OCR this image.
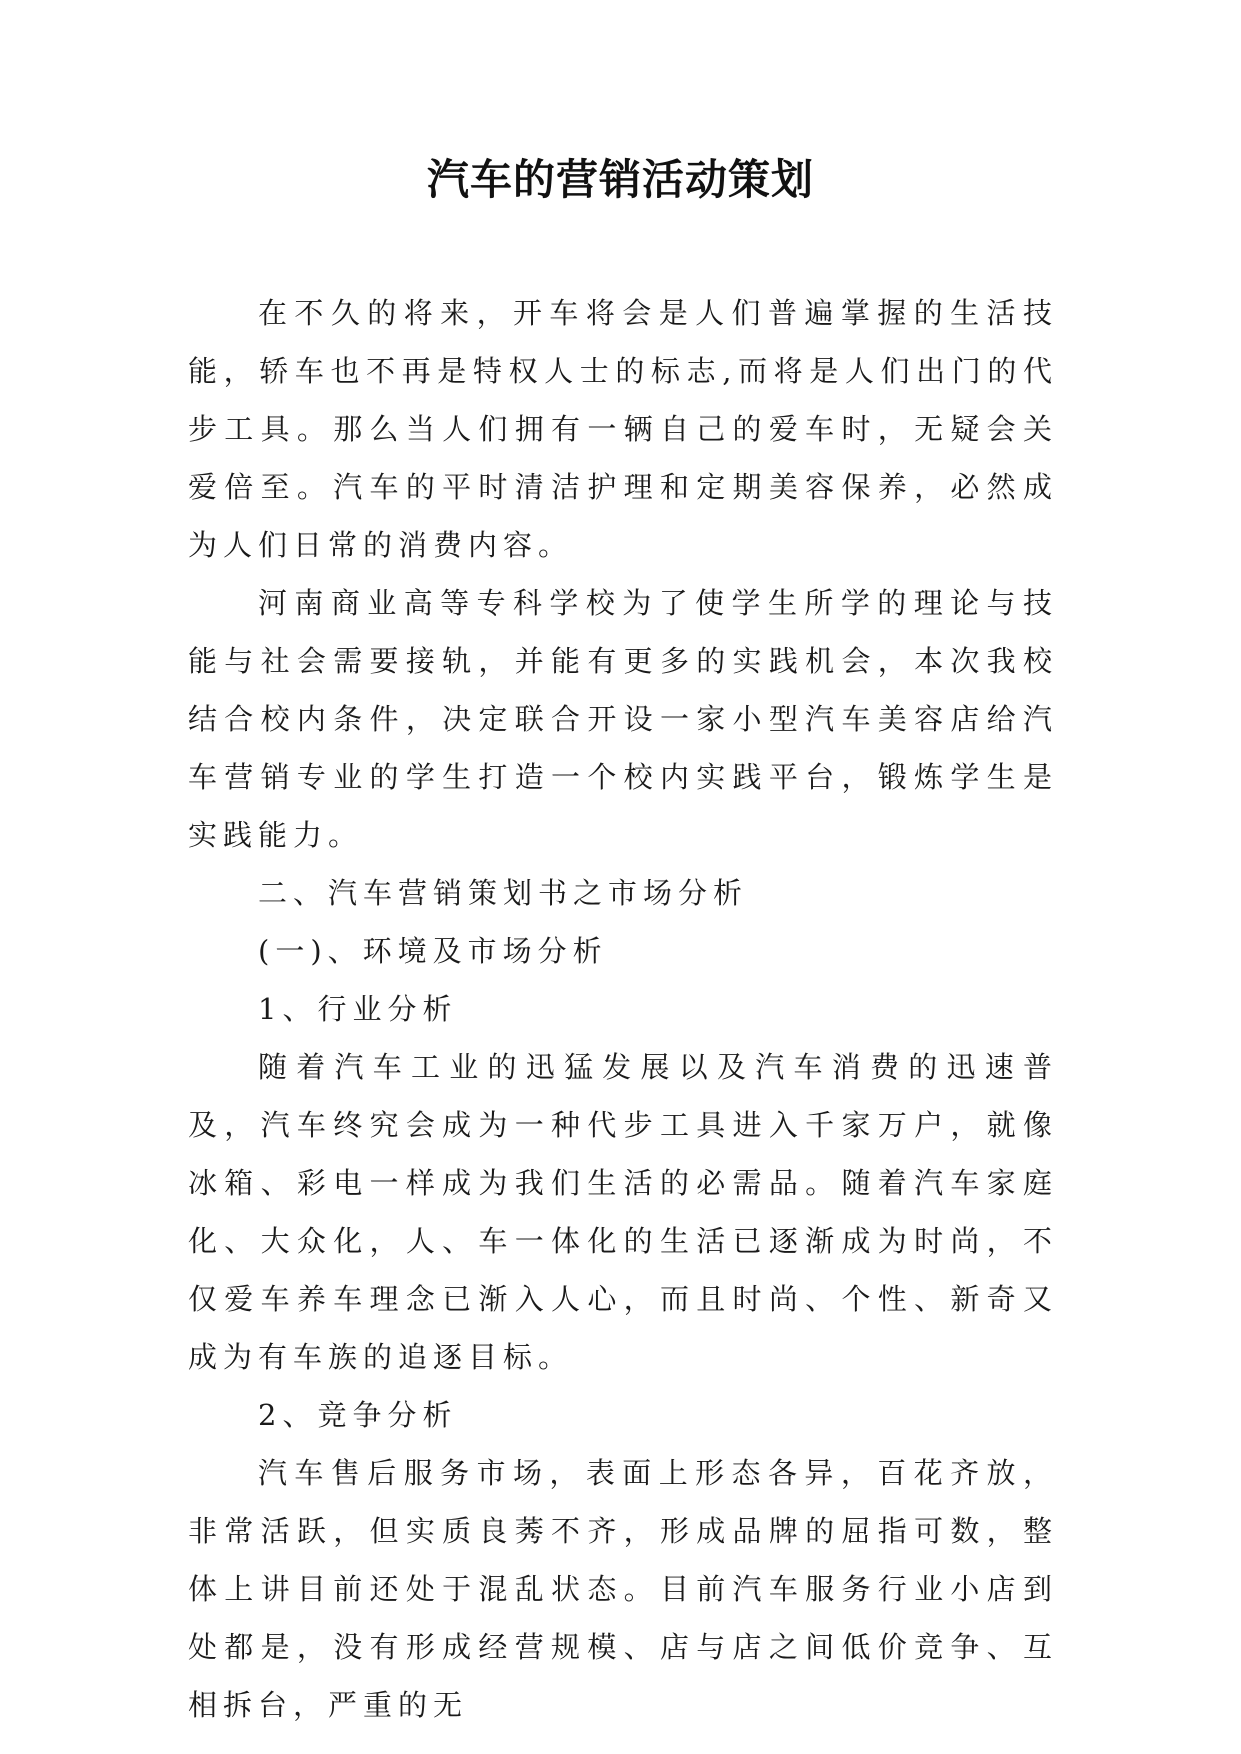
汽车的营销活动策划

在不久的将来，开车将会是人们普遍掌握的生活技能，轿车也不再是特权人士的标志,而将是人们出门的代步工具。那么当人们拥有一辆自己的爱车时，无疑会关爱倍至。汽车的平时清洁护理和定期美容保养，必然成为人们日常的消费内容。

河南商业高等专科学校为了使学生所学的理论与技能与社会需要接轨，并能有更多的实践机会，本次我校结合校内条件，决定联合开设一家小型汽车美容店给汽车营销专业的学生打造一个校内实践平台，锻炼学生是实践能力。

二、汽车营销策划书之市场分析

(一)、环境及市场分析

1、行业分析

随着汽车工业的迅猛发展以及汽车消费的迅速普及，汽车终究会成为一种代步工具进入千家万户，就像冰箱、彩电一样成为我们生活的必需品。随着汽车家庭化、大众化，人、车一体化的生活已逐渐成为时尚，不仅爱车养车理念已渐入人心，而且时尚、个性、新奇又成为有车族的追逐目标。

2、竞争分析

汽车售后服务市场，表面上形态各异，百花齐放，非常活跃，但实质良莠不齐，形成品牌的屈指可数，整体上讲目前还处于混乱状态。目前汽车服务行业小店到处都是，没有形成经营规模、店与店之间低价竞争、互相拆台，严重的无
